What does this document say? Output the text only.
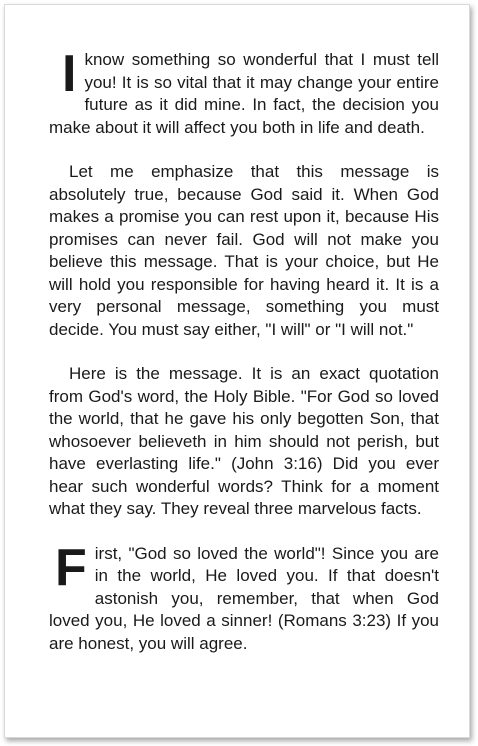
Iknow something so wonderful that I must tell you! It is so vital that it may change your entire future as it did mine. In fact, the decision you make about it will affect you both in life and death.

Let me emphasize that this message is absolutely true, because God said it. When God makes a promise you can rest upon it, because His promises can never fail. God will not make you believe this message. That is your choice, but He will hold you responsible for having heard it. It is a very personal message, something you must decide. You must say either, "I will" or "I will not."

Here is the message. It is an exact quotation from God's word, the Holy Bible. "For God so loved the world, that he gave his only begotten Son, that whosoever believeth in him should not perish, but have everlasting life." (John 3:16) Did you ever hear such wonderful words? Think for a moment what they say. They reveal three marvelous facts.

First, "God so loved the world"! Since you are in the world, He loved you. If that doesn't astonish you, remember, that when God loved you, He loved a sinner! (Romans 3:23) If you are honest, you will agree.
